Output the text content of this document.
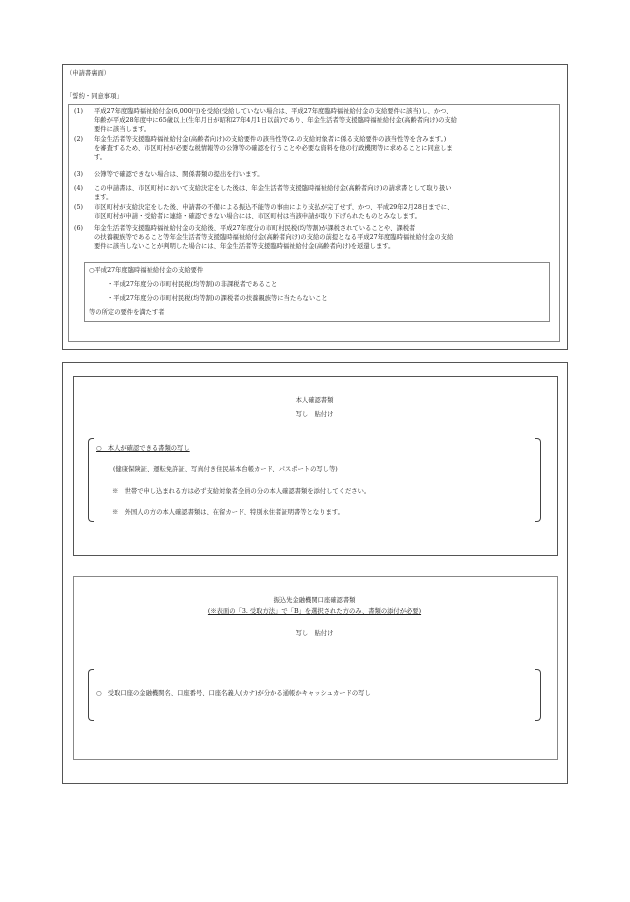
（申請書裏面）
「誓約・同意事項」
(1) 平成27年度臨時福祉給付金(6,000円)を受給(受給していない場合は、平成27年度臨時福祉給付金の支給要件に該当)し、かつ、
年齢が平成28年度中に65歳以上(生年月日が昭和27年4月1日以前)であり、年金生活者等支援臨時福祉給付金(高齢者向け)の支給
要件に該当します。
(2) 年金生活者等支援臨時福祉給付金(高齢者向け)の支給要件の該当性等(2.の支給対象者に係る支給要件の該当性等を含みます。)
を審査するため、市区町村が必要な税情報等の公簿等の確認を行うことや必要な資料を他の行政機関等に求めることに同意しま
す。
(3) 公簿等で確認できない場合は、関係書類の提出を行います。
(4) この申請書は、市区町村において支給決定をした後は、年金生活者等支援臨時福祉給付金(高齢者向け)の請求書として取り扱い
ます。
(5) 市区町村が支給決定をした後、申請書の不備による振込不能等の事由により支払が完了せず、かつ、平成29年2月28日までに、
市区町村が申請・受給者に連絡・確認できない場合には、市区町村は当該申請が取り下げられたものとみなします。
(6) 年金生活者等支援臨時福祉給付金の支給後、平成27年度分の市町村民税(均等割)が課税されていることや、課税者
の扶養親族等であること等年金生活者等支援臨時福祉給付金(高齢者向け)の支給の前提となる平成27年度臨時福祉給付金の支給
要件に該当しないことが判明した場合には、年金生活者等支援臨時福祉給付金(高齢者向け)を返還します。
○平成27年度臨時福祉給付金の支給要件
・平成27年度分の市町村民税(均等割)の非課税者であること
・平成27年度分の市町村民税(均等割)の課税者の扶養親族等に当たらないこと
等の所定の要件を満たす者
本人確認書類
写し　貼付け
○　本人が確認できる書類の写し
(健康保険証、運転免許証、写真付き住民基本台帳カード、パスポートの写し等)
※　世帯で申し込まれる方は必ず支給対象者全員の分の本人確認書類を添付してください。
※　外国人の方の本人確認書類は、在留カード、特別永住者証明書等となります。
振込先金融機関口座確認書類
(※表面の「3. 受取方法」で「B」を選択された方のみ、書類の添付が必要)
写し　貼付け
○　受取口座の金融機関名、口座番号、口座名義人(カナ)が分かる通帳かキャッシュカードの写し
